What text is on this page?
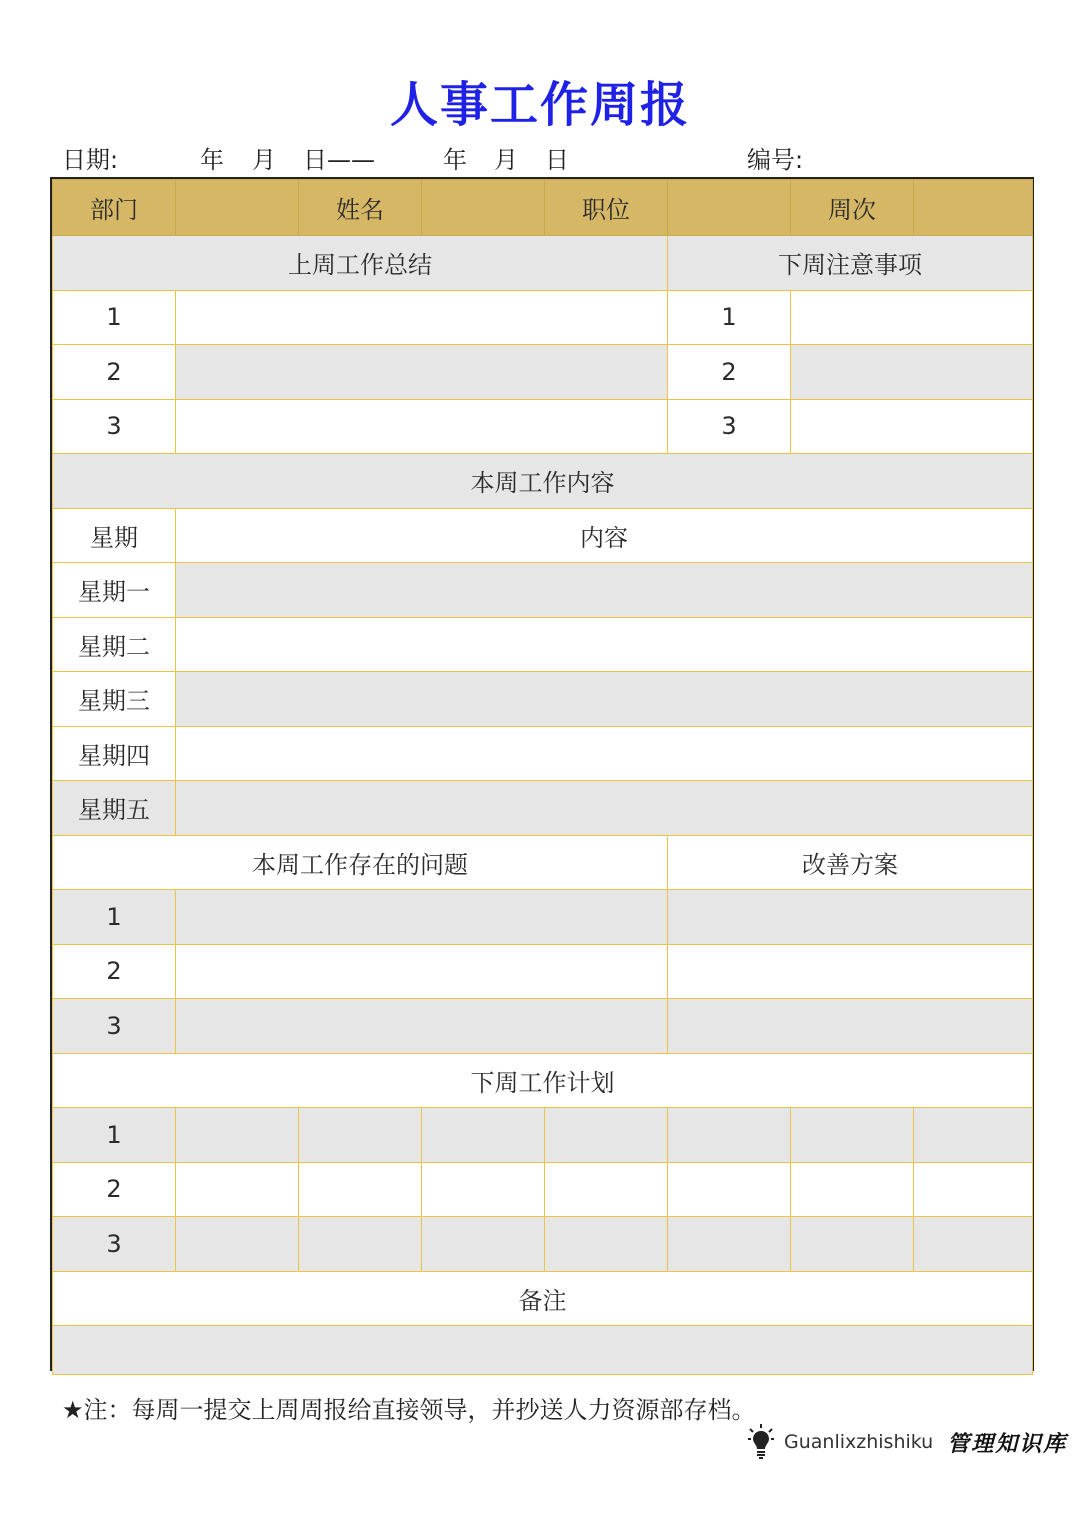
人事工作周报
日期:	年 月 日——	年 月 日	编号:
部门		姓名		职位		周次	
上周工作总结					下周注意事项		
1					1		
2					2		
3					3		
本周工作内容							
星期	内容						
星期一							
星期二							
星期三							
星期四							
星期五							
本周工作存在的问题					改善方案		
1							
2							
3							
下周工作计划							
1							
2							
3							
备注							

★注：每周一提交上周周报给直接领导，并抄送人力资源部存档。
Guanlixzhishiku 管理知识库
